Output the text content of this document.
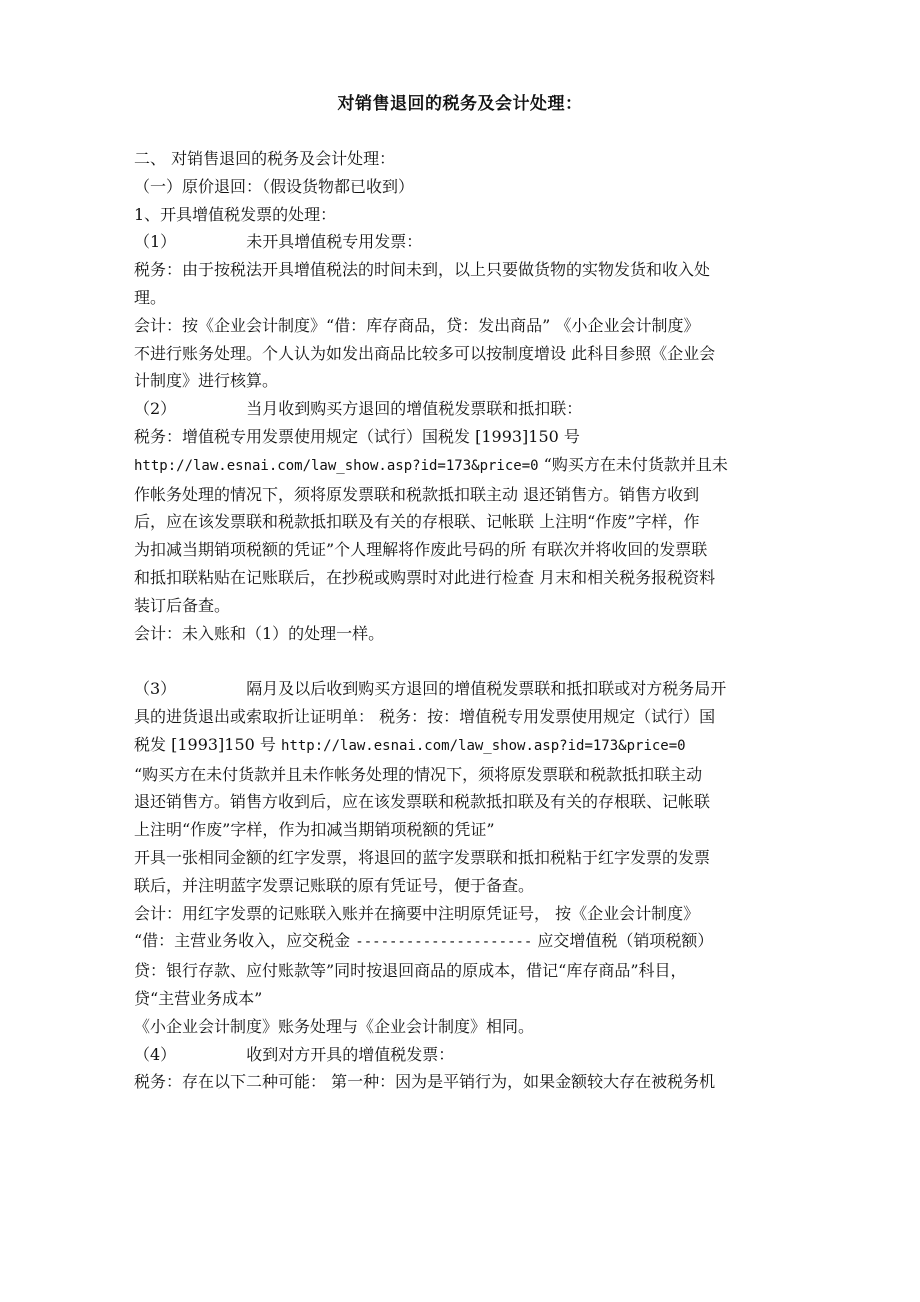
对销售退回的税务及会计处理：

二、 对销售退回的税务及会计处理：

（一）原价退回：（假设货物都已收到）

1、开具增值税发票的处理：

（1）	未开具增值税专用发票：

税务：由于按税法开具增值税法的时间未到，以上只要做货物的实物发货和收入处

理。

会计：按《企业会计制度》“借：库存商品，贷：发出商品” 《小企业会计制度》

不进行账务处理。个人认为如发出商品比较多可以按制度增设 此科目参照《企业会

计制度》进行核算。

（2）	当月收到购买方退回的增值税发票联和抵扣联：

税务：增值税专用发票使用规定（试行）国税发 [1993]150 号

http://law.esnai.com/law_show.asp?id=173&price=0 “购买方在未付货款并且未

作帐务处理的情况下，须将原发票联和税款抵扣联主动 退还销售方。销售方收到

后，应在该发票联和税款抵扣联及有关的存根联、记帐联 上注明“作废”字样，作

为扣减当期销项税额的凭证”个人理解将作废此号码的所 有联次并将收回的发票联

和抵扣联粘贴在记账联后，在抄税或购票时对此进行检查 月末和相关税务报税资料

装订后备查。

会计：未入账和（1）的处理一样。

（3）	隔月及以后收到购买方退回的增值税发票联和抵扣联或对方税务局开

具的进货退出或索取折让证明单： 税务：按：增值税专用发票使用规定（试行）国

税发 [1993]150 号 http://law.esnai.com/law_show.asp?id=173&price=0

“购买方在未付货款并且未作帐务处理的情况下，须将原发票联和税款抵扣联主动

退还销售方。销售方收到后，应在该发票联和税款抵扣联及有关的存根联、记帐联

上注明“作废”字样，作为扣减当期销项税额的凭证”

开具一张相同金额的红字发票，将退回的蓝字发票联和抵扣税粘于红字发票的发票

联后，并注明蓝字发票记账联的原有凭证号，便于备查。

会计：用红字发票的记账联入账并在摘要中注明原凭证号， 按《企业会计制度》

“借：主营业务收入，应交税金 --------------------- 应交增值税（销项税额）

贷：银行存款、应付账款等”同时按退回商品的原成本，借记“库存商品”科目，

贷“主营业务成本”

《小企业会计制度》账务处理与《企业会计制度》相同。

（4）	收到对方开具的增值税发票：

税务：存在以下二种可能： 第一种：因为是平销行为，如果金额较大存在被税务机
